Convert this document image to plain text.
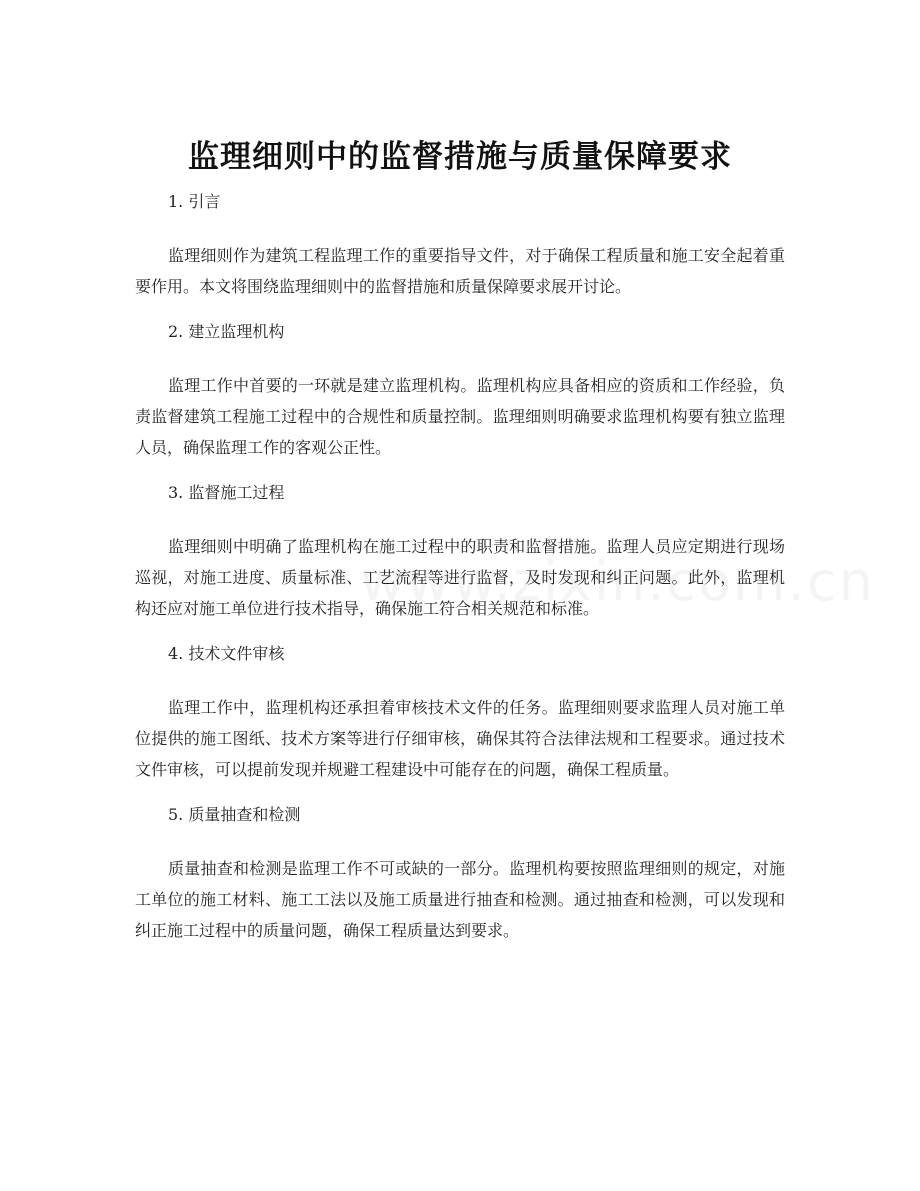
监理细则中的监督措施与质量保障要求

1. 引言

监理细则作为建筑工程监理工作的重要指导文件，对于确保工程质量和施工安全起着重要作用。本文将围绕监理细则中的监督措施和质量保障要求展开讨论。

2. 建立监理机构

监理工作中首要的一环就是建立监理机构。监理机构应具备相应的资质和工作经验，负责监督建筑工程施工过程中的合规性和质量控制。监理细则明确要求监理机构要有独立监理人员，确保监理工作的客观公正性。

3. 监督施工过程

监理细则中明确了监理机构在施工过程中的职责和监督措施。监理人员应定期进行现场巡视，对施工进度、质量标准、工艺流程等进行监督，及时发现和纠正问题。此外，监理机构还应对施工单位进行技术指导，确保施工符合相关规范和标准。

4. 技术文件审核

监理工作中，监理机构还承担着审核技术文件的任务。监理细则要求监理人员对施工单位提供的施工图纸、技术方案等进行仔细审核，确保其符合法律法规和工程要求。通过技术文件审核，可以提前发现并规避工程建设中可能存在的问题，确保工程质量。

5. 质量抽查和检测

质量抽查和检测是监理工作不可或缺的一部分。监理机构要按照监理细则的规定，对施工单位的施工材料、施工工法以及施工质量进行抽查和检测。通过抽查和检测，可以发现和纠正施工过程中的质量问题，确保工程质量达到要求。
